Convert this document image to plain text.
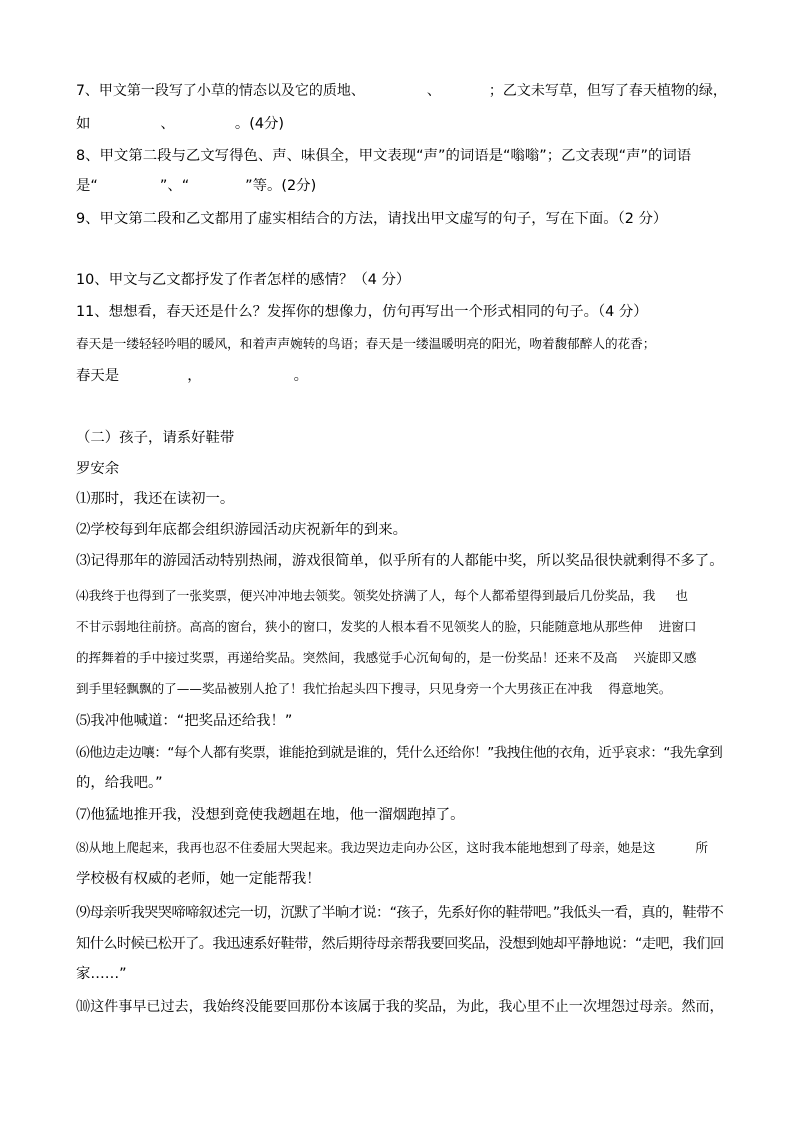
7、甲文第一段写了小草的情态以及它的质地、	、	；乙文未写草，但写了春天植物的绿，
如	、	。(4分)
8、甲文第二段与乙文写得色、声、味俱全，甲文表现“声”的词语是“嗡嗡”；乙文表现“声”的词语
是“	”、“	”等。(2分)
9、甲文第二段和乙文都用了虚实相结合的方法，请找出甲文虚写的句子，写在下面。（2 分）
10、甲文与乙文都抒发了作者怎样的感情？（4 分）
11、想想看，春天还是什么？发挥你的想像力，仿句再写出一个形式相同的句子。（4 分）
春天是一缕轻轻吟唱的暖风，和着声声婉转的鸟语；春天是一缕温暖明亮的阳光，吻着馥郁醉人的花香；
春天是	，	。
（二）孩子，请系好鞋带
罗安余
⑴那时，我还在读初一。
⑵学校每到年底都会组织游园活动庆祝新年的到来。
⑶记得那年的游园活动特别热闹，游戏很简单，似乎所有的人都能中奖，所以奖品很快就剩得不多了。
⑷我终于也得到了一张奖票，便兴冲冲地去领奖。领奖处挤满了人，每个人都希望得到最后几份奖品，我 也
不甘示弱地往前挤。高高的窗台，狭小的窗口，发奖的人根本看不见领奖人的脸，只能随意地从那些伸 进窗口
的挥舞着的手中接过奖票，再递给奖品。突然间，我感觉手心沉甸甸的，是一份奖品！还来不及高 兴旋即又感
到手里轻飘飘的了——奖品被别人抢了！我忙抬起头四下搜寻，只见身旁一个大男孩正在冲我 得意地笑。
⑸我冲他喊道：“把奖品还给我！”
⑹他边走边嚷：“每个人都有奖票，谁能抢到就是谁的，凭什么还给你！”我拽住他的衣角，近乎哀求：“我先拿到
的，给我吧。”
⑺他猛地推开我，没想到竟使我趔趄在地，他一溜烟跑掉了。
⑻从地上爬起来，我再也忍不住委屈大哭起来。我边哭边走向办公区，这时我本能地想到了母亲，她是这	所
学校极有权威的老师，她一定能帮我！
⑼母亲听我哭哭啼啼叙述完一切，沉默了半晌才说：“孩子，先系好你的鞋带吧。”我低头一看，真的，鞋带不
知什么时候已松开了。我迅速系好鞋带，然后期待母亲帮我要回奖品，没想到她却平静地说：“走吧，我们回
家……”
⑽这件事早已过去，我始终没能要回那份本该属于我的奖品，为此，我心里不止一次埋怨过母亲。然而，
